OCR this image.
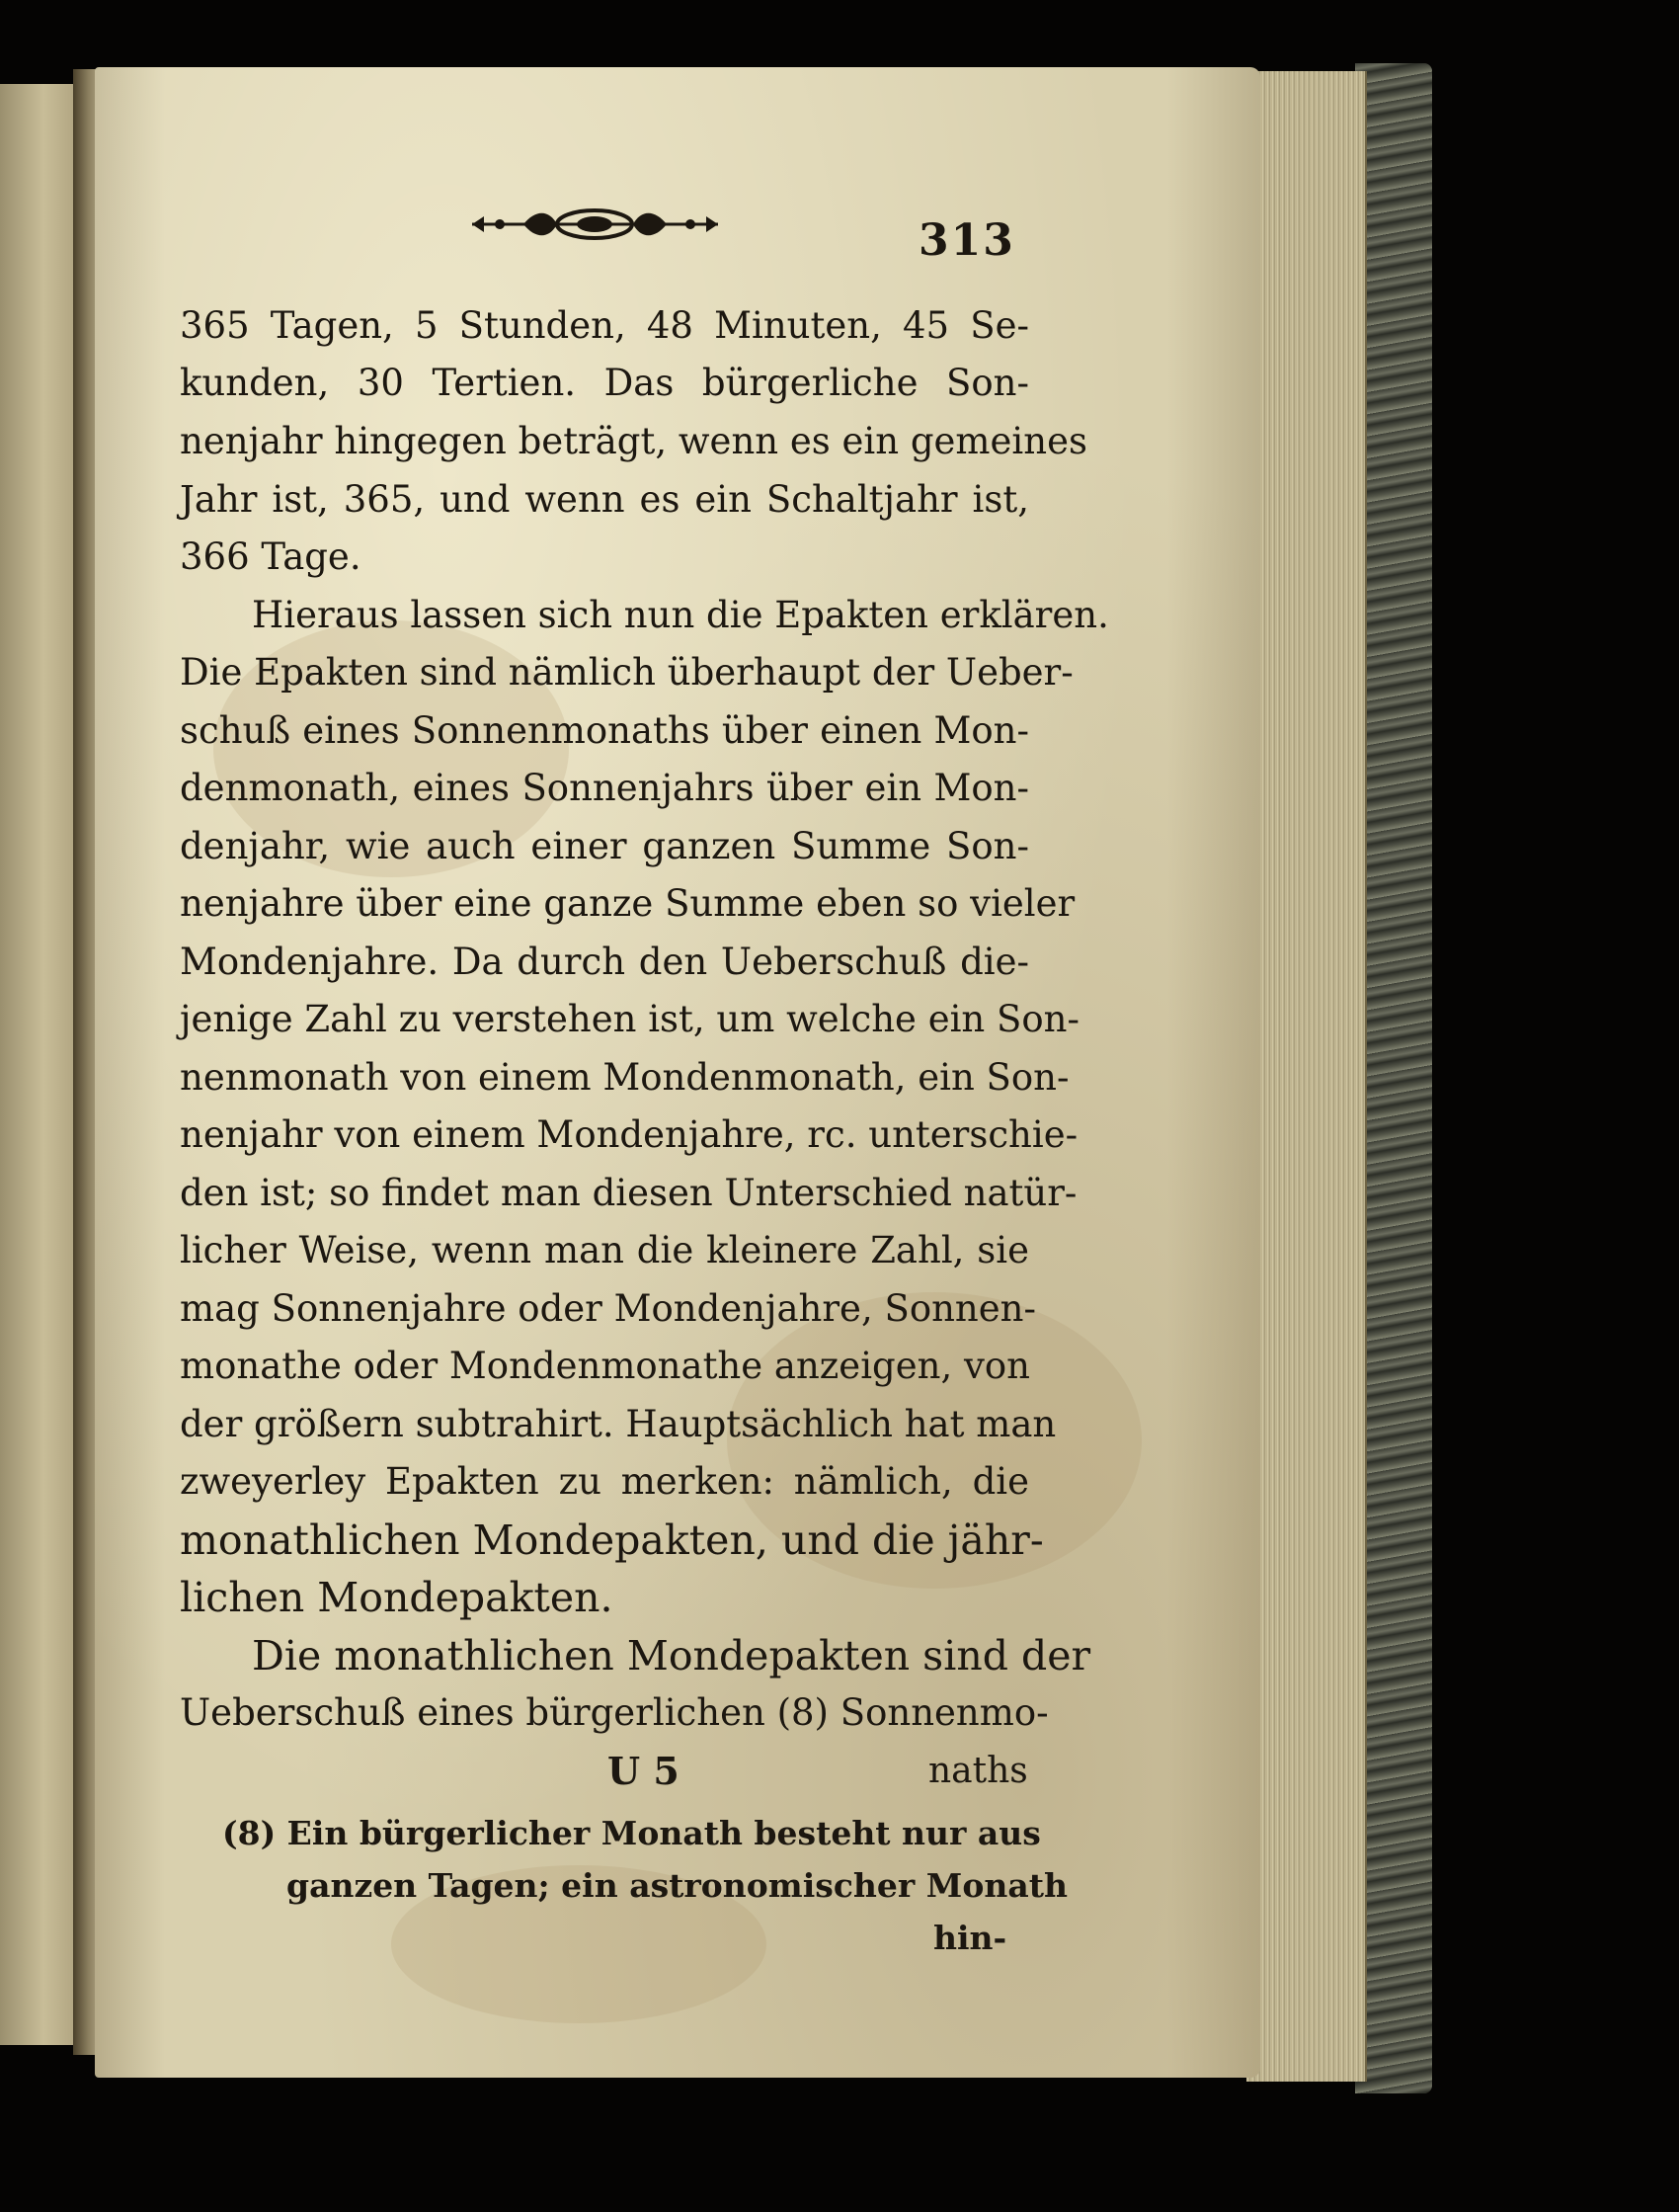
313
365 Tagen, 5 Stunden, 48 Minuten, 45 Se-
kunden, 30 Tertien. Das bürgerliche Son-
nenjahr hingegen beträgt, wenn es ein gemeines
Jahr ist, 365, und wenn es ein Schaltjahr ist,
366 Tage.
Hieraus lassen sich nun die Epakten erklären.
Die Epakten sind nämlich überhaupt der Ueber-
schuß eines Sonnenmonaths über einen Mon-
denmonath, eines Sonnenjahrs über ein Mon-
denjahr, wie auch einer ganzen Summe Son-
nenjahre über eine ganze Summe eben so vieler
Mondenjahre. Da durch den Ueberschuß die-
jenige Zahl zu verstehen ist, um welche ein Son-
nenmonath von einem Mondenmonath, ein Son-
nenjahr von einem Mondenjahre, rc. unterschie-
den ist; so findet man diesen Unterschied natür-
licher Weise, wenn man die kleinere Zahl, sie
mag Sonnenjahre oder Mondenjahre, Sonnen-
monathe oder Mondenmonathe anzeigen, von
der größern subtrahirt. Hauptsächlich hat man
zweyerley Epakten zu merken: nämlich, die
monathlichen Mondepakten, und die jähr-
lichen Mondepakten.
Die monathlichen Mondepakten sind der
Ueberschuß eines bürgerlichen (8) Sonnenmo-
U 5	naths
(8) Ein bürgerlicher Monath besteht nur aus
ganzen Tagen; ein astronomischer Monath
hin-
